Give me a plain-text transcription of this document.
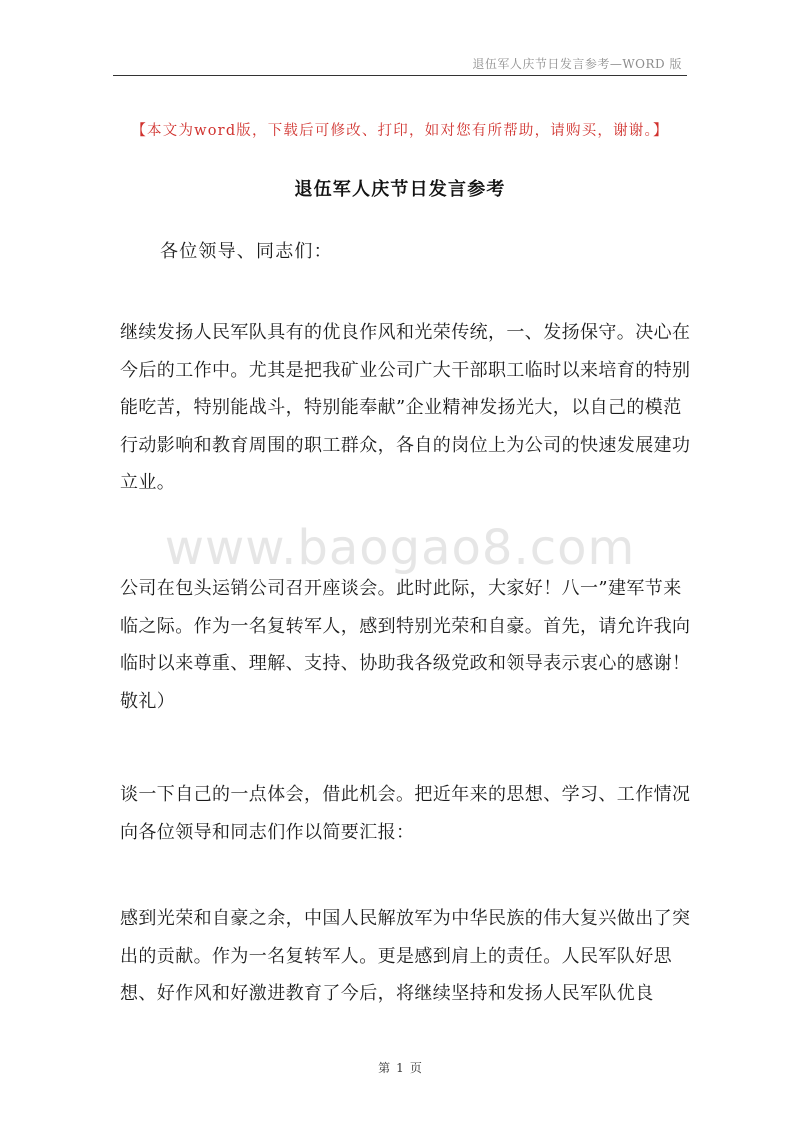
退伍军人庆节日发言参考—WORD 版
【本文为word版，下载后可修改、打印，如对您有所帮助，请购买，谢谢。】
退伍军人庆节日发言参考
各位领导、同志们：

继续发扬人民军队具有的优良作风和光荣传统，一、发扬保守。决心在今后的工作中。尤其是把我矿业公司广大干部职工临时以来培育的特别能吃苦，特别能战斗，特别能奉献”企业精神发扬光大，以自己的模范行动影响和教育周围的职工群众，各自的岗位上为公司的快速发展建功立业。

www.baogao8.com

公司在包头运销公司召开座谈会。此时此际，大家好！八一”建军节来临之际。作为一名复转军人，感到特别光荣和自豪。首先，请允许我向临时以来尊重、理解、支持、协助我各级党政和领导表示衷心的感谢！敬礼）

谈一下自己的一点体会，借此机会。把近年来的思想、学习、工作情况向各位领导和同志们作以简要汇报：

感到光荣和自豪之余，中国人民解放军为中华民族的伟大复兴做出了突出的贡献。作为一名复转军人。更是感到肩上的责任。人民军队好思想、好作风和好激进教育了今后，将继续坚持和发扬人民军队优良

第 1 页
